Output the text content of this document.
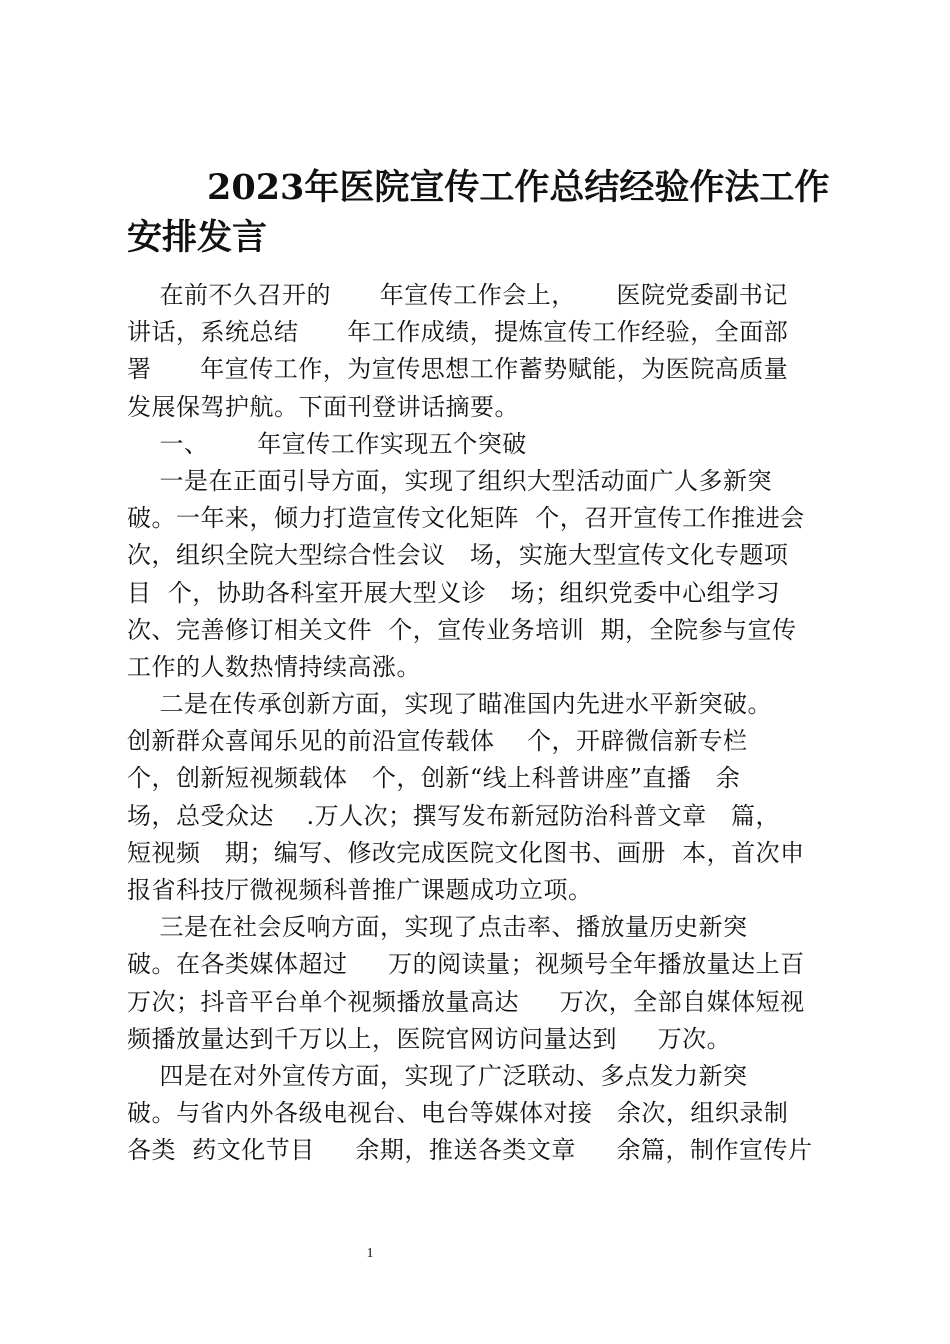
2023年医院宣传工作总结经验作法工作
安排发言
在前不久召开的      年宣传工作会上，     医院党委副书记
讲话，系统总结      年工作成绩，提炼宣传工作经验，全面部
署      年宣传工作，为宣传思想工作蓄势赋能，为医院高质量
发展保驾护航。下面刊登讲话摘要。
一、      年宣传工作实现五个突破
一是在正面引导方面，实现了组织大型活动面广人多新突
破。一年来，倾力打造宣传文化矩阵  个，召开宣传工作推进会
次，组织全院大型综合性会议   场，实施大型宣传文化专题项
目  个，协助各科室开展大型义诊   场；组织党委中心组学习
次、完善修订相关文件  个，宣传业务培训  期，全院参与宣传
工作的人数热情持续高涨。
二是在传承创新方面，实现了瞄准国内先进水平新突破。
创新群众喜闻乐见的前沿宣传载体    个，开辟微信新专栏
个，创新短视频载体   个，创新“线上科普讲座”直播   余
场，总受众达    .万人次；撰写发布新冠防治科普文章   篇，
短视频   期；编写、修改完成医院文化图书、画册  本，首次申
报省科技厅微视频科普推广课题成功立项。
三是在社会反响方面，实现了点击率、播放量历史新突
破。在各类媒体超过     万的阅读量；视频号全年播放量达上百
万次；抖音平台单个视频播放量高达     万次，全部自媒体短视
频播放量达到千万以上，医院官网访问量达到     万次。
四是在对外宣传方面，实现了广泛联动、多点发力新突
破。与省内外各级电视台、电台等媒体对接   余次，组织录制
各类  药文化节目     余期，推送各类文章     余篇，制作宣传片
1
